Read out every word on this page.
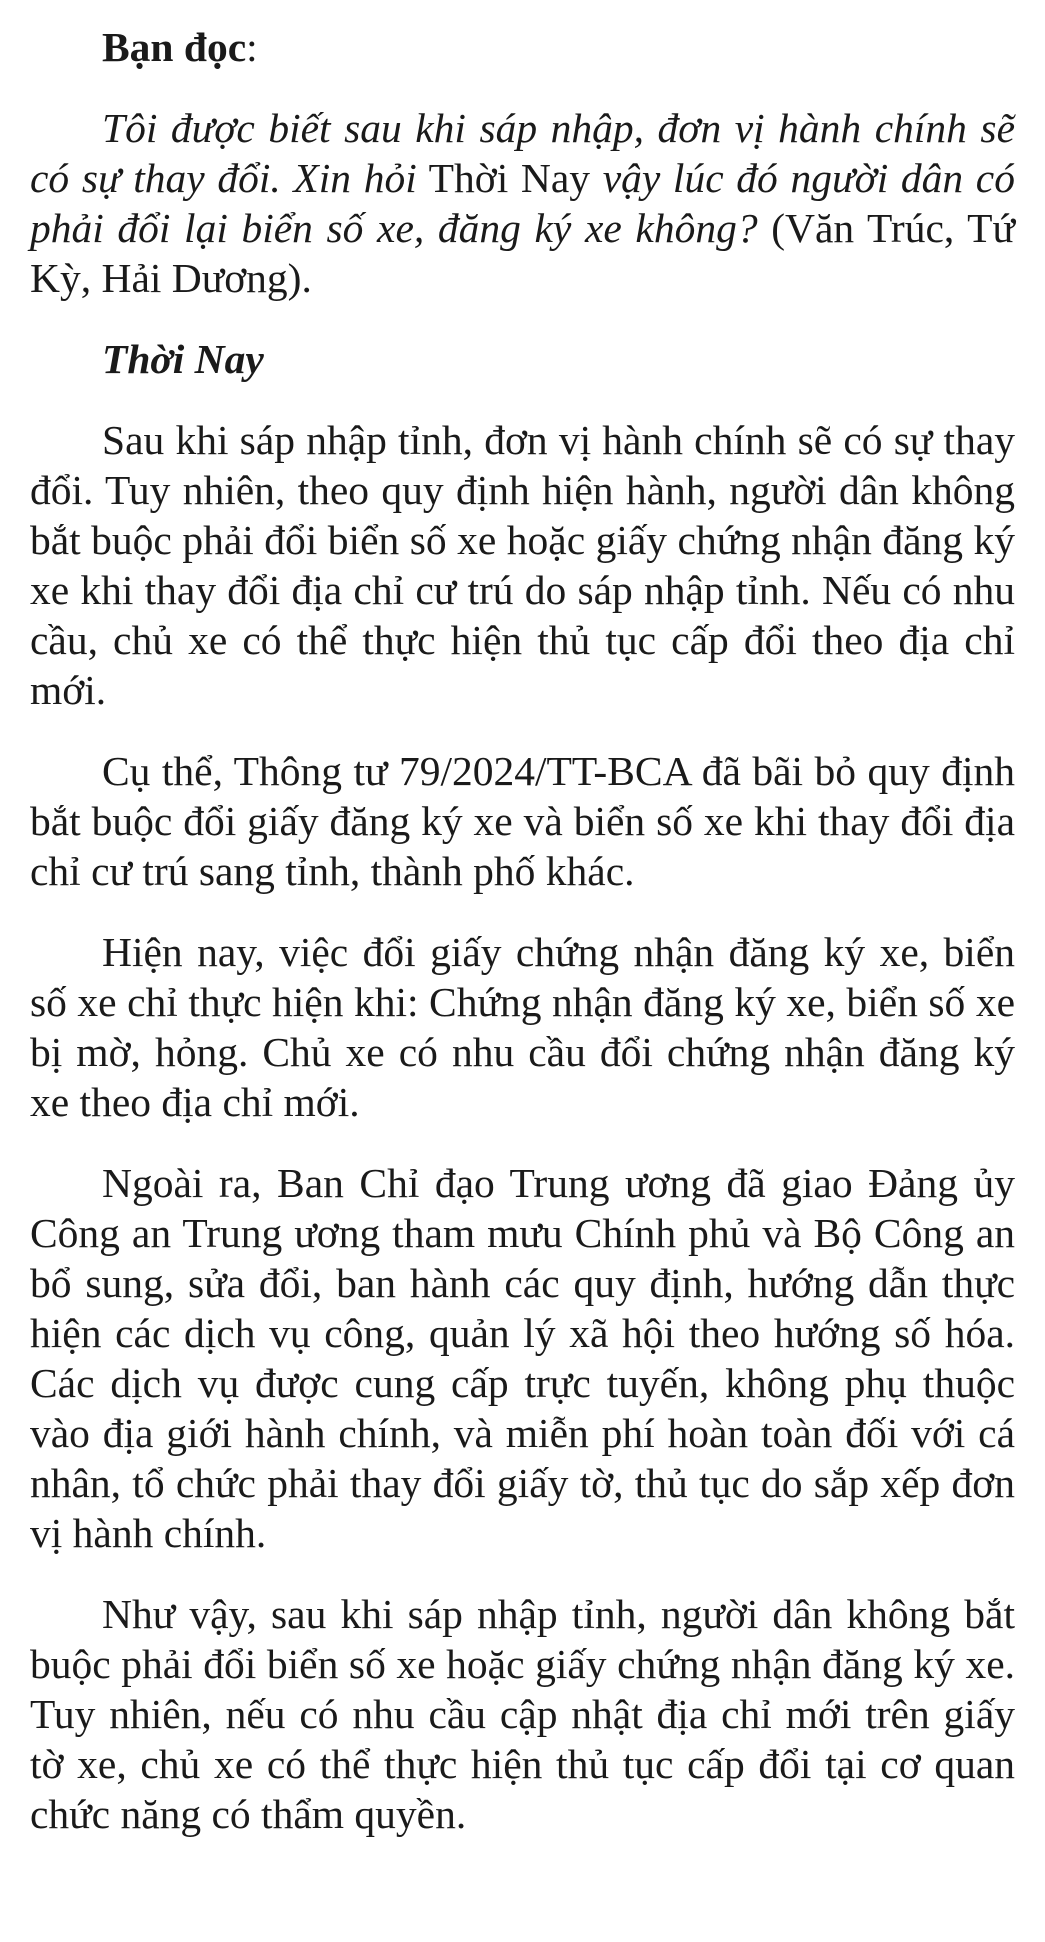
Bạn đọc:

Tôi được biết sau khi sáp nhập, đơn vị hành chính sẽ có sự thay đổi. Xin hỏi Thời Nay vậy lúc đó người dân có phải đổi lại biển số xe, đăng ký xe không? (Văn Trúc, Tứ Kỳ, Hải Dương).

Thời Nay

Sau khi sáp nhập tỉnh, đơn vị hành chính sẽ có sự thay đổi. Tuy nhiên, theo quy định hiện hành, người dân không bắt buộc phải đổi biển số xe hoặc giấy chứng nhận đăng ký xe khi thay đổi địa chỉ cư trú do sáp nhập tỉnh. Nếu có nhu cầu, chủ xe có thể thực hiện thủ tục cấp đổi theo địa chỉ mới.

Cụ thể, Thông tư 79/2024/TT-BCA đã bãi bỏ quy định bắt buộc đổi giấy đăng ký xe và biển số xe khi thay đổi địa chỉ cư trú sang tỉnh, thành phố khác.

Hiện nay, việc đổi giấy chứng nhận đăng ký xe, biển số xe chỉ thực hiện khi: Chứng nhận đăng ký xe, biển số xe bị mờ, hỏng. Chủ xe có nhu cầu đổi chứng nhận đăng ký xe theo địa chỉ mới.

Ngoài ra, Ban Chỉ đạo Trung ương đã giao Đảng ủy Công an Trung ương tham mưu Chính phủ và Bộ Công an bổ sung, sửa đổi, ban hành các quy định, hướng dẫn thực hiện các dịch vụ công, quản lý xã hội theo hướng số hóa. Các dịch vụ được cung cấp trực tuyến, không phụ thuộc vào địa giới hành chính, và miễn phí hoàn toàn đối với cá nhân, tổ chức phải thay đổi giấy tờ, thủ tục do sắp xếp đơn vị hành chính.

Như vậy, sau khi sáp nhập tỉnh, người dân không bắt buộc phải đổi biển số xe hoặc giấy chứng nhận đăng ký xe. Tuy nhiên, nếu có nhu cầu cập nhật địa chỉ mới trên giấy tờ xe, chủ xe có thể thực hiện thủ tục cấp đổi tại cơ quan chức năng có thẩm quyền.
